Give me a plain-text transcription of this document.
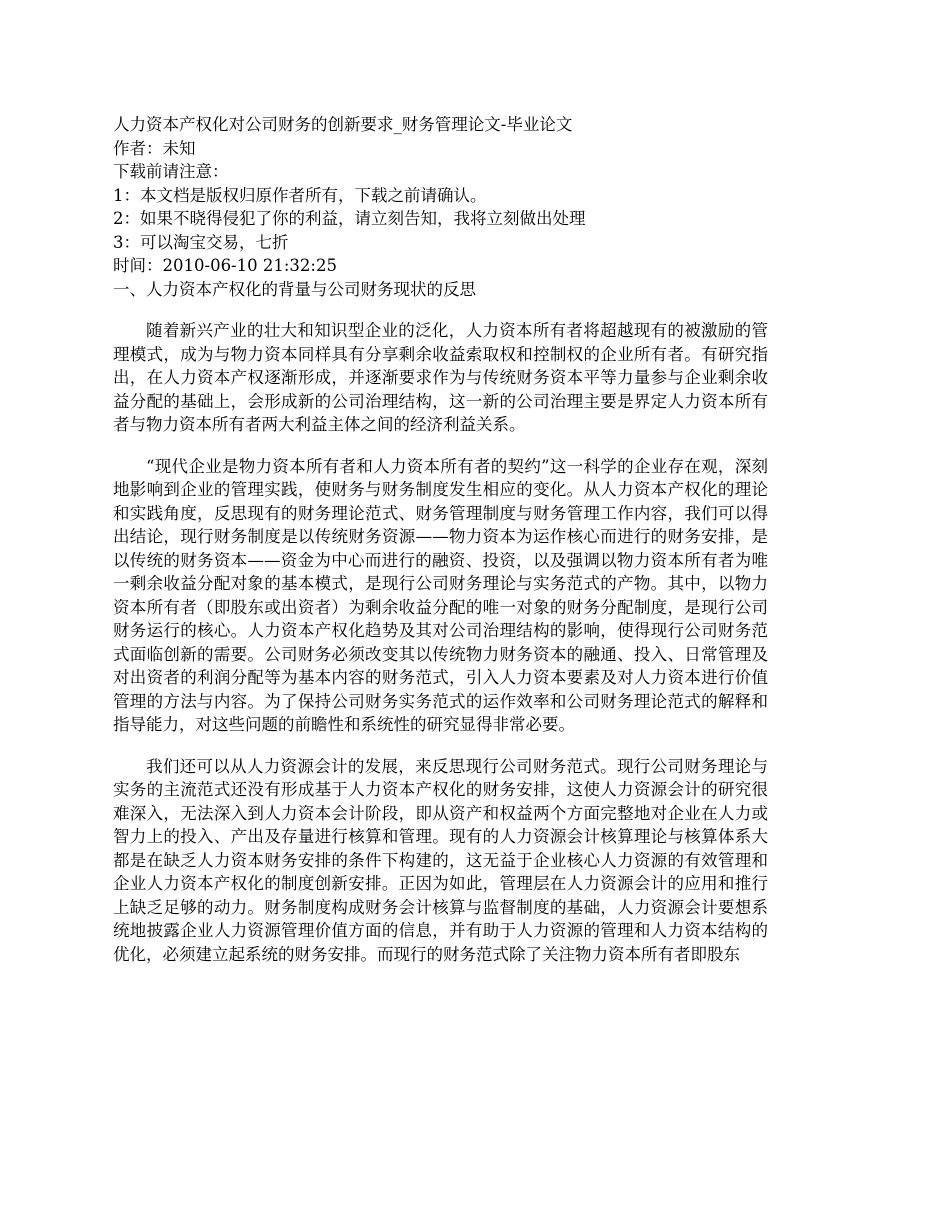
人力资本产权化对公司财务的创新要求_财务管理论文-毕业论文

作者：未知

下载前请注意：

1：本文档是版权归原作者所有，下载之前请确认。

2：如果不晓得侵犯了你的利益，请立刻告知，我将立刻做出处理

3：可以淘宝交易，七折

时间：2010-06-10 21:32:25

一、人力资本产权化的背量与公司财务现状的反思

随着新兴产业的壮大和知识型企业的泛化，人力资本所有者将超越现有的被激励的管理模式，成为与物力资本同样具有分享剩余收益索取权和控制权的企业所有者。有研究指出，在人力资本产权逐渐形成，并逐渐要求作为与传统财务资本平等力量参与企业剩余收益分配的基础上，会形成新的公司治理结构，这一新的公司治理主要是界定人力资本所有者与物力资本所有者两大利益主体之间的经济利益关系。

“现代企业是物力资本所有者和人力资本所有者的契约”这一科学的企业存在观，深刻地影响到企业的管理实践，使财务与财务制度发生相应的变化。从人力资本产权化的理论和实践角度，反思现有的财务理论范式、财务管理制度与财务管理工作内容，我们可以得出结论，现行财务制度是以传统财务资源——物力资本为运作核心而进行的财务安排，是以传统的财务资本——资金为中心而进行的融资、投资，以及强调以物力资本所有者为唯一剩余收益分配对象的基本模式，是现行公司财务理论与实务范式的产物。其中，以物力资本所有者（即股东或出资者）为剩余收益分配的唯一对象的财务分配制度，是现行公司财务运行的核心。人力资本产权化趋势及其对公司治理结构的影响，使得现行公司财务范式面临创新的需要。公司财务必须改变其以传统物力财务资本的融通、投入、日常管理及对出资者的利润分配等为基本内容的财务范式，引入人力资本要素及对人力资本进行价值管理的方法与内容。为了保持公司财务实务范式的运作效率和公司财务理论范式的解释和指导能力，对这些问题的前瞻性和系统性的研究显得非常必要。

我们还可以从人力资源会计的发展，来反思现行公司财务范式。现行公司财务理论与实务的主流范式还没有形成基于人力资本产权化的财务安排，这使人力资源会计的研究很难深入，无法深入到人力资本会计阶段，即从资产和权益两个方面完整地对企业在人力或智力上的投入、产出及存量进行核算和管理。现有的人力资源会计核算理论与核算体系大都是在缺乏人力资本财务安排的条件下构建的，这无益于企业核心人力资源的有效管理和企业人力资本产权化的制度创新安排。正因为如此，管理层在人力资源会计的应用和推行上缺乏足够的动力。财务制度构成财务会计核算与监督制度的基础，人力资源会计要想系统地披露企业人力资源管理价值方面的信息，并有助于人力资源的管理和人力资本结构的优化，必须建立起系统的财务安排。而现行的财务范式除了关注物力资本所有者即股东
